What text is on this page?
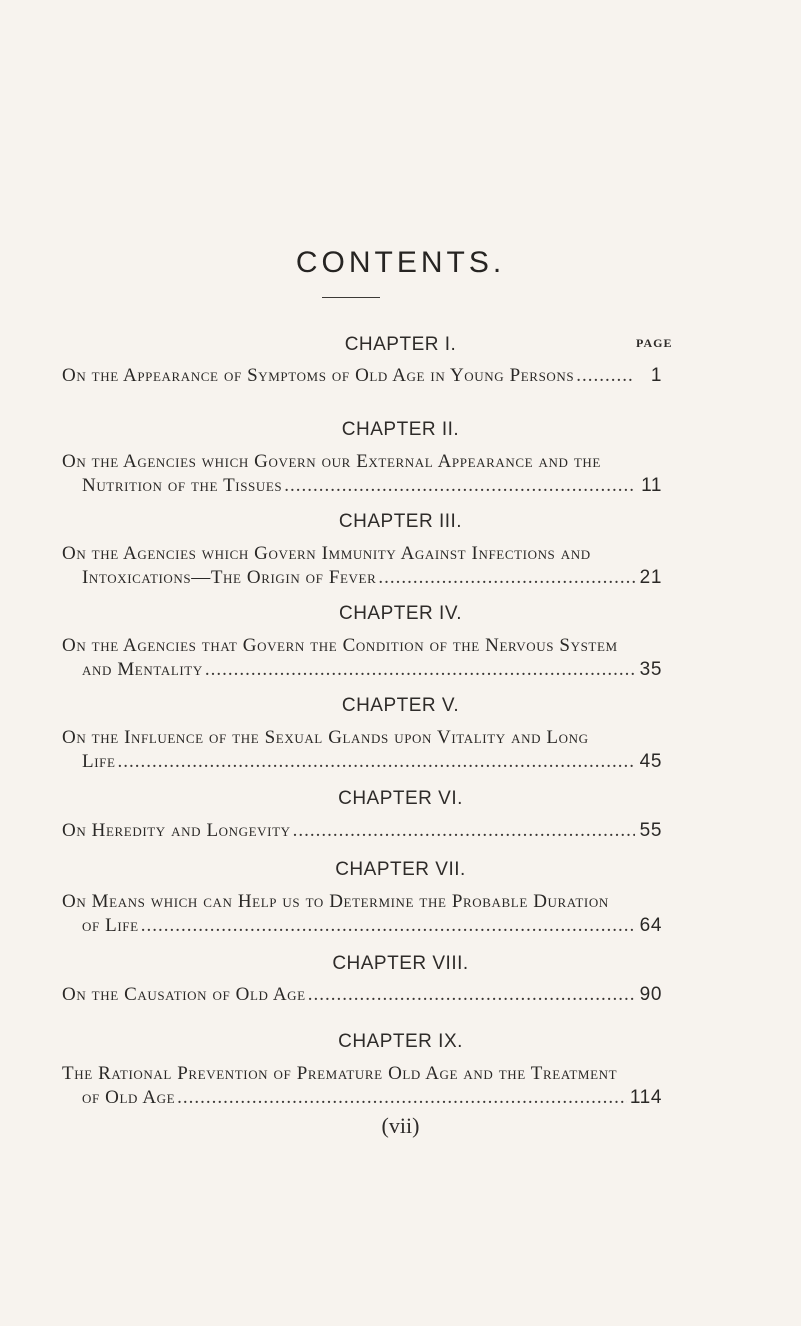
CONTENTS.
PAGE
CHAPTER I.
On the Appearance of Symptoms of Old Age in Young Persons .....	1
CHAPTER II.
On the Agencies which Govern our External Appearance and the
Nutrition of the Tissues .....	11
CHAPTER III.
On the Agencies which Govern Immunity Against Infections and
Intoxications—The Origin of Fever .....	21
CHAPTER IV.
On the Agencies that Govern the Condition of the Nervous System
and Mentality .....	35
CHAPTER V.
On the Influence of the Sexual Glands upon Vitality and Long
Life .....	45
CHAPTER VI.
On Heredity and Longevity .....	55
CHAPTER VII.
On Means which can Help us to Determine the Probable Duration
of Life .....	64
CHAPTER VIII.
On the Causation of Old Age .....	90
CHAPTER IX.
The Rational Prevention of Premature Old Age and the Treatment
of Old Age .....	114
(vii)
